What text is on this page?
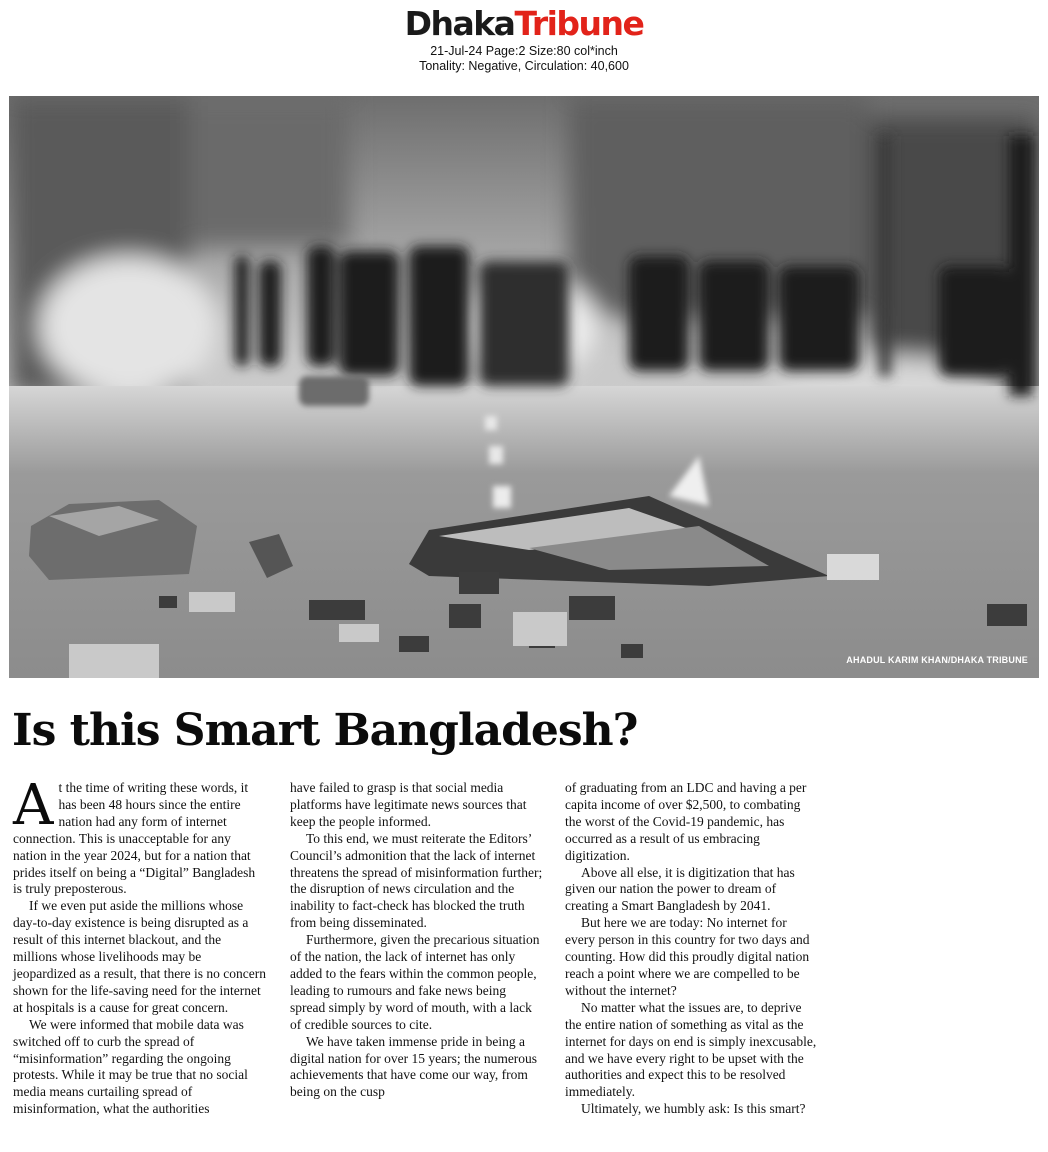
DhakaTribune
21-Jul-24 Page:2 Size:80 col*inch
Tonality: Negative, Circulation: 40,600
AHADUL KARIM KHAN/DHAKA TRIBUNE
Is this Smart Bangladesh?

At the time of writing these words, it has been 48 hours since the entire nation had any form of internet connection. This is unacceptable for any nation in the year 2024, but for a nation that prides itself on being a “Digital” Bangladesh is truly preposterous.

If we even put aside the millions whose day-to-day existence is being disrupted as a result of this internet blackout, and the millions whose livelihoods may be jeopardized as a result, that there is no concern shown for the life-saving need for the internet at hospitals is a cause for great concern.

We were informed that mobile data was switched off to curb the spread of “misinformation” regarding the ongoing protests. While it may be true that no social media means curtailing spread of misinformation, what the authorities

have failed to grasp is that social media platforms have legitimate news sources that keep the people informed.

To this end, we must reiterate the Editors’ Council’s admonition that the lack of internet threatens the spread of misinformation further; the disruption of news circulation and the inability to fact-check has blocked the truth from being disseminated.

Furthermore, given the precarious situation of the nation, the lack of internet has only added to the fears within the common people, leading to rumours and fake news being spread simply by word of mouth, with a lack of credible sources to cite.

We have taken immense pride in being a digital nation for over 15 years; the numerous achievements that have come our way, from being on the cusp

of graduating from an LDC and having a per capita income of over $2,500, to combating the worst of the Covid-19 pandemic, has occurred as a result of us embracing digitization.

Above all else, it is digitization that has given our nation the power to dream of creating a Smart Bangladesh by 2041.

But here we are today: No internet for every person in this country for two days and counting. How did this proudly digital nation reach a point where we are compelled to be without the internet?

No matter what the issues are, to deprive the entire nation of something as vital as the internet for days on end is simply inexcusable, and we have every right to be upset with the authorities and expect this to be resolved immediately.

Ultimately, we humbly ask: Is this smart?
